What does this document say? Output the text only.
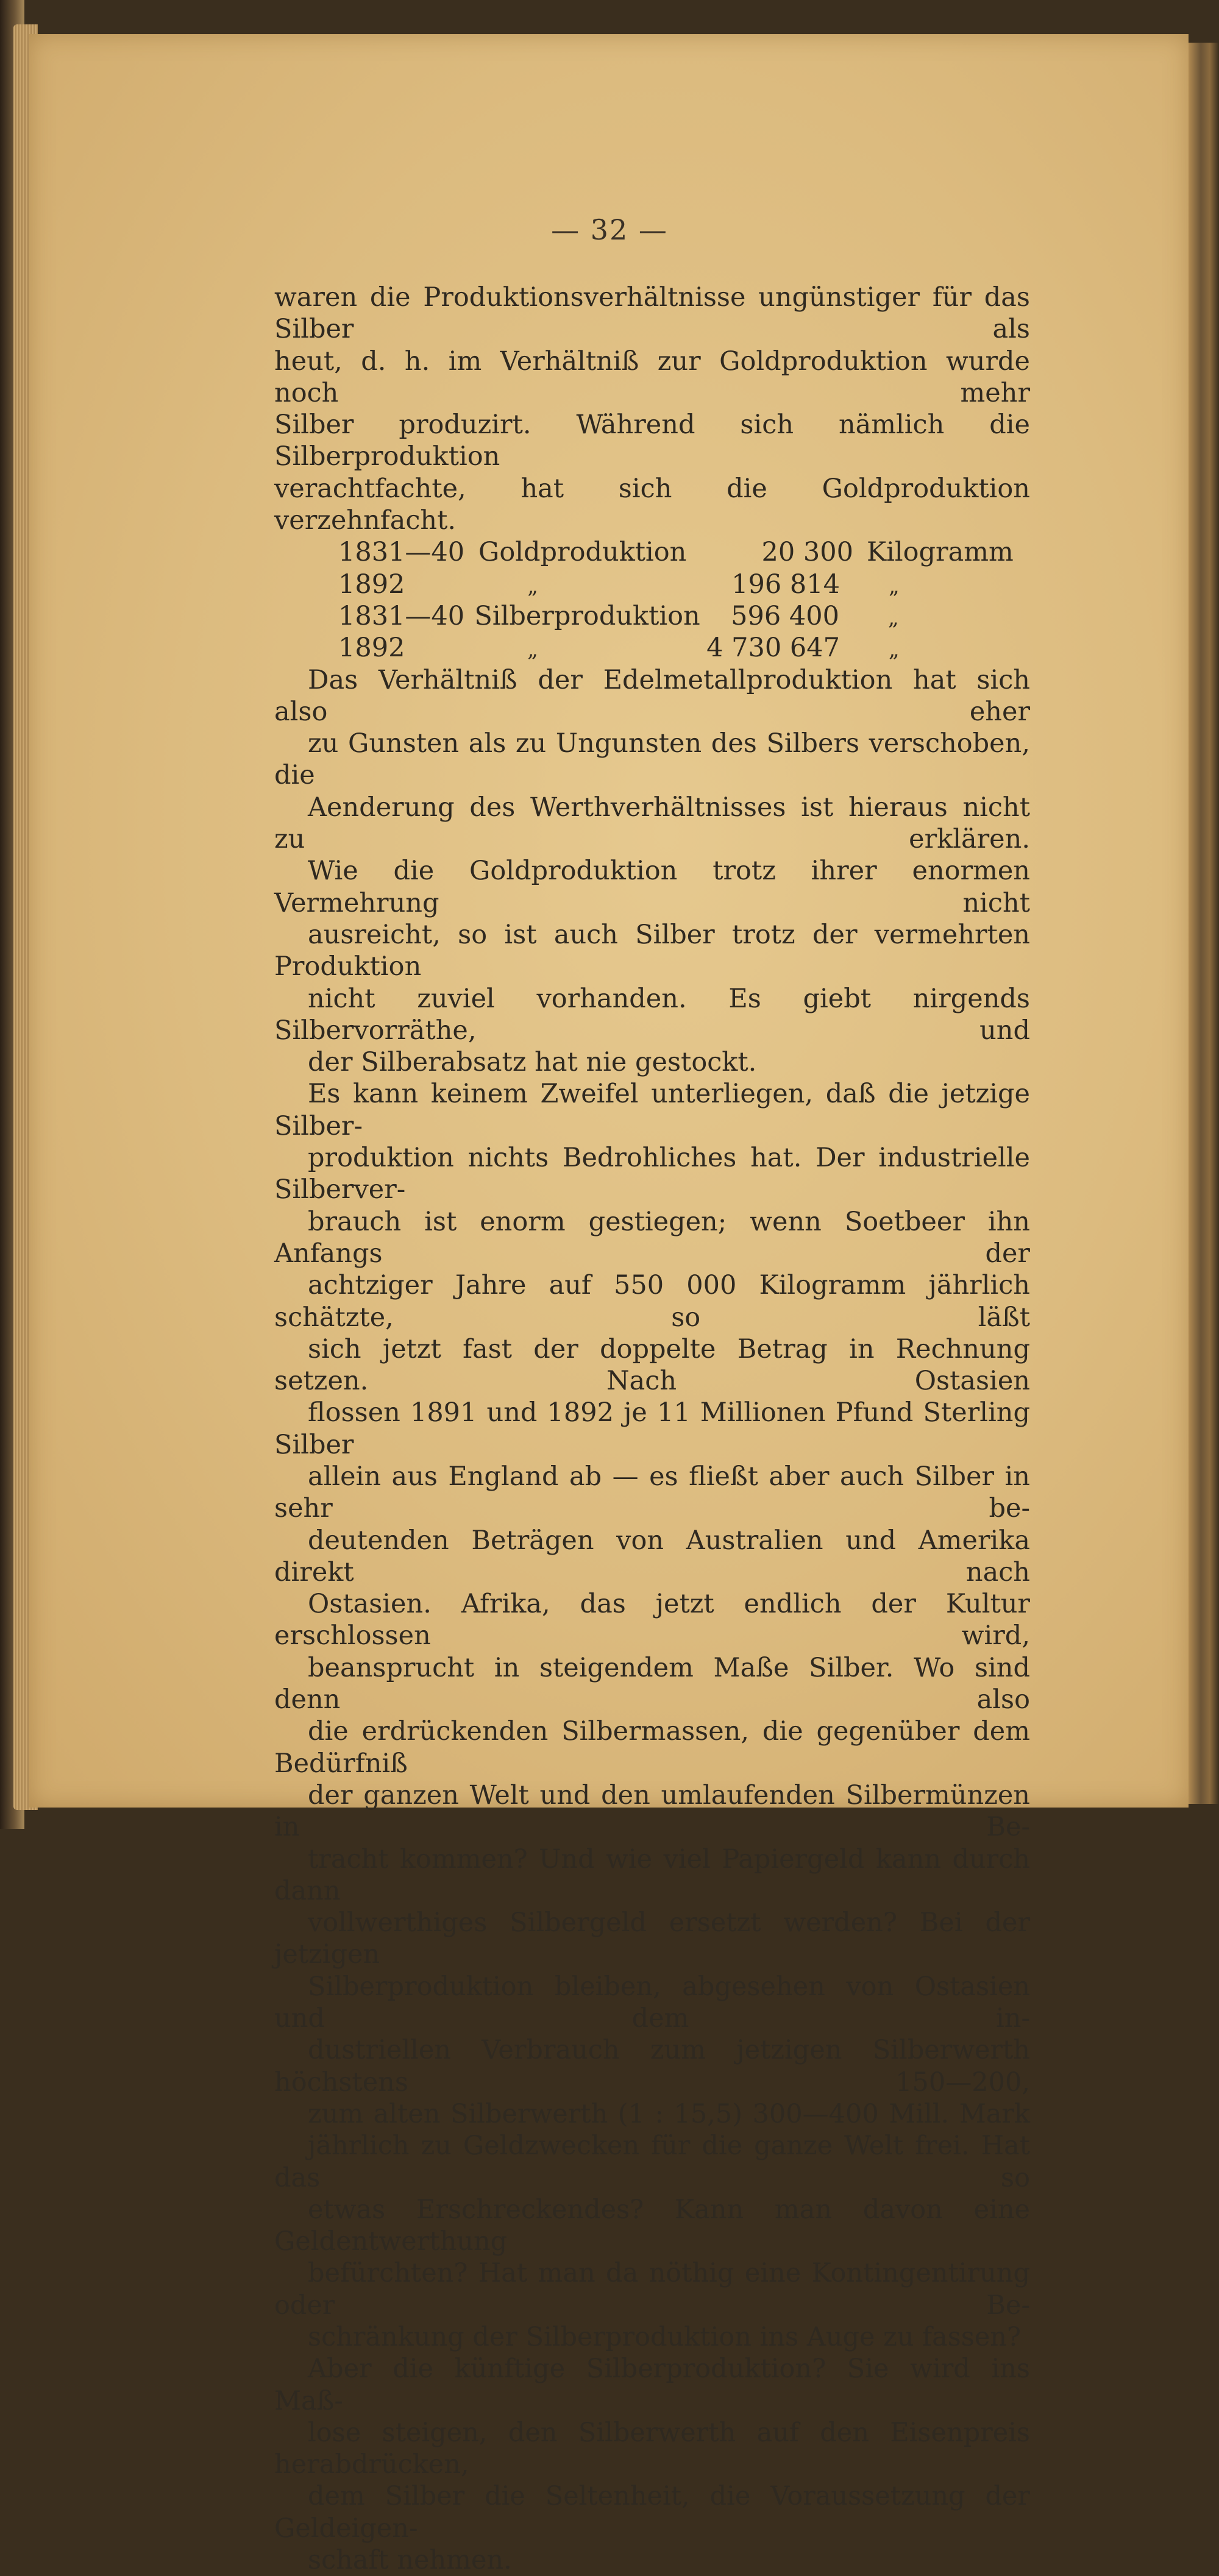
— 32 —
waren die Produktionsverhältnisse ungünstiger für das Silber als
heut, d. h. im Verhältniß zur Goldproduktion wurde noch mehr
Silber produzirt. Während sich nämlich die Silberproduktion
verachtfachte, hat sich die Goldproduktion verzehnfacht.
1831—40 Goldproduktion	20 300 Kilogramm
1892	„	196 814	„
1831—40 Silberproduktion	596 400	„
1892	„	4 730 647	„
Das Verhältniß der Edelmetallproduktion hat sich also eher
zu Gunsten als zu Ungunsten des Silbers verschoben, die
Aenderung des Werthverhältnisses ist hieraus nicht zu erklären.
Wie die Goldproduktion trotz ihrer enormen Vermehrung nicht
ausreicht, so ist auch Silber trotz der vermehrten Produktion
nicht zuviel vorhanden. Es giebt nirgends Silbervorräthe, und
der Silberabsatz hat nie gestockt.
Es kann keinem Zweifel unterliegen, daß die jetzige Silber-
produktion nichts Bedrohliches hat. Der industrielle Silberver-
brauch ist enorm gestiegen; wenn Soetbeer ihn Anfangs der
achtziger Jahre auf 550 000 Kilogramm jährlich schätzte, so läßt
sich jetzt fast der doppelte Betrag in Rechnung setzen. Nach Ostasien
flossen 1891 und 1892 je 11 Millionen Pfund Sterling Silber
allein aus England ab — es fließt aber auch Silber in sehr be-
deutenden Beträgen von Australien und Amerika direkt nach
Ostasien. Afrika, das jetzt endlich der Kultur erschlossen wird,
beansprucht in steigendem Maße Silber. Wo sind denn also
die erdrückenden Silbermassen, die gegenüber dem Bedürfniß
der ganzen Welt und den umlaufenden Silbermünzen in Be-
tracht kommen? Und wie viel Papiergeld kann durch dann
vollwerthiges Silbergeld ersetzt werden? Bei der jetzigen
Silberproduktion bleiben, abgesehen von Ostasien und dem in-
dustriellen Verbrauch zum jetzigen Silberwerth höchstens 150—200,
zum alten Silberwerth (1 : 15,5) 300—400 Mill. Mark
jährlich zu Geldzwecken für die ganze Welt frei. Hat das so
etwas Erschreckendes? Kann man davon eine Geldentwerthung
befürchten? Hat man da nöthig eine Kontingentirung oder Be-
schränkung der Silberproduktion ins Auge zu fassen?
Aber die künftige Silberproduktion? Sie wird ins Maß-
lose steigen, den Silberwerth auf den Eisenpreis herabdrücken,
dem Silber die Seltenheit, die Voraussetzung der Geldeigen-
schaft nehmen.
